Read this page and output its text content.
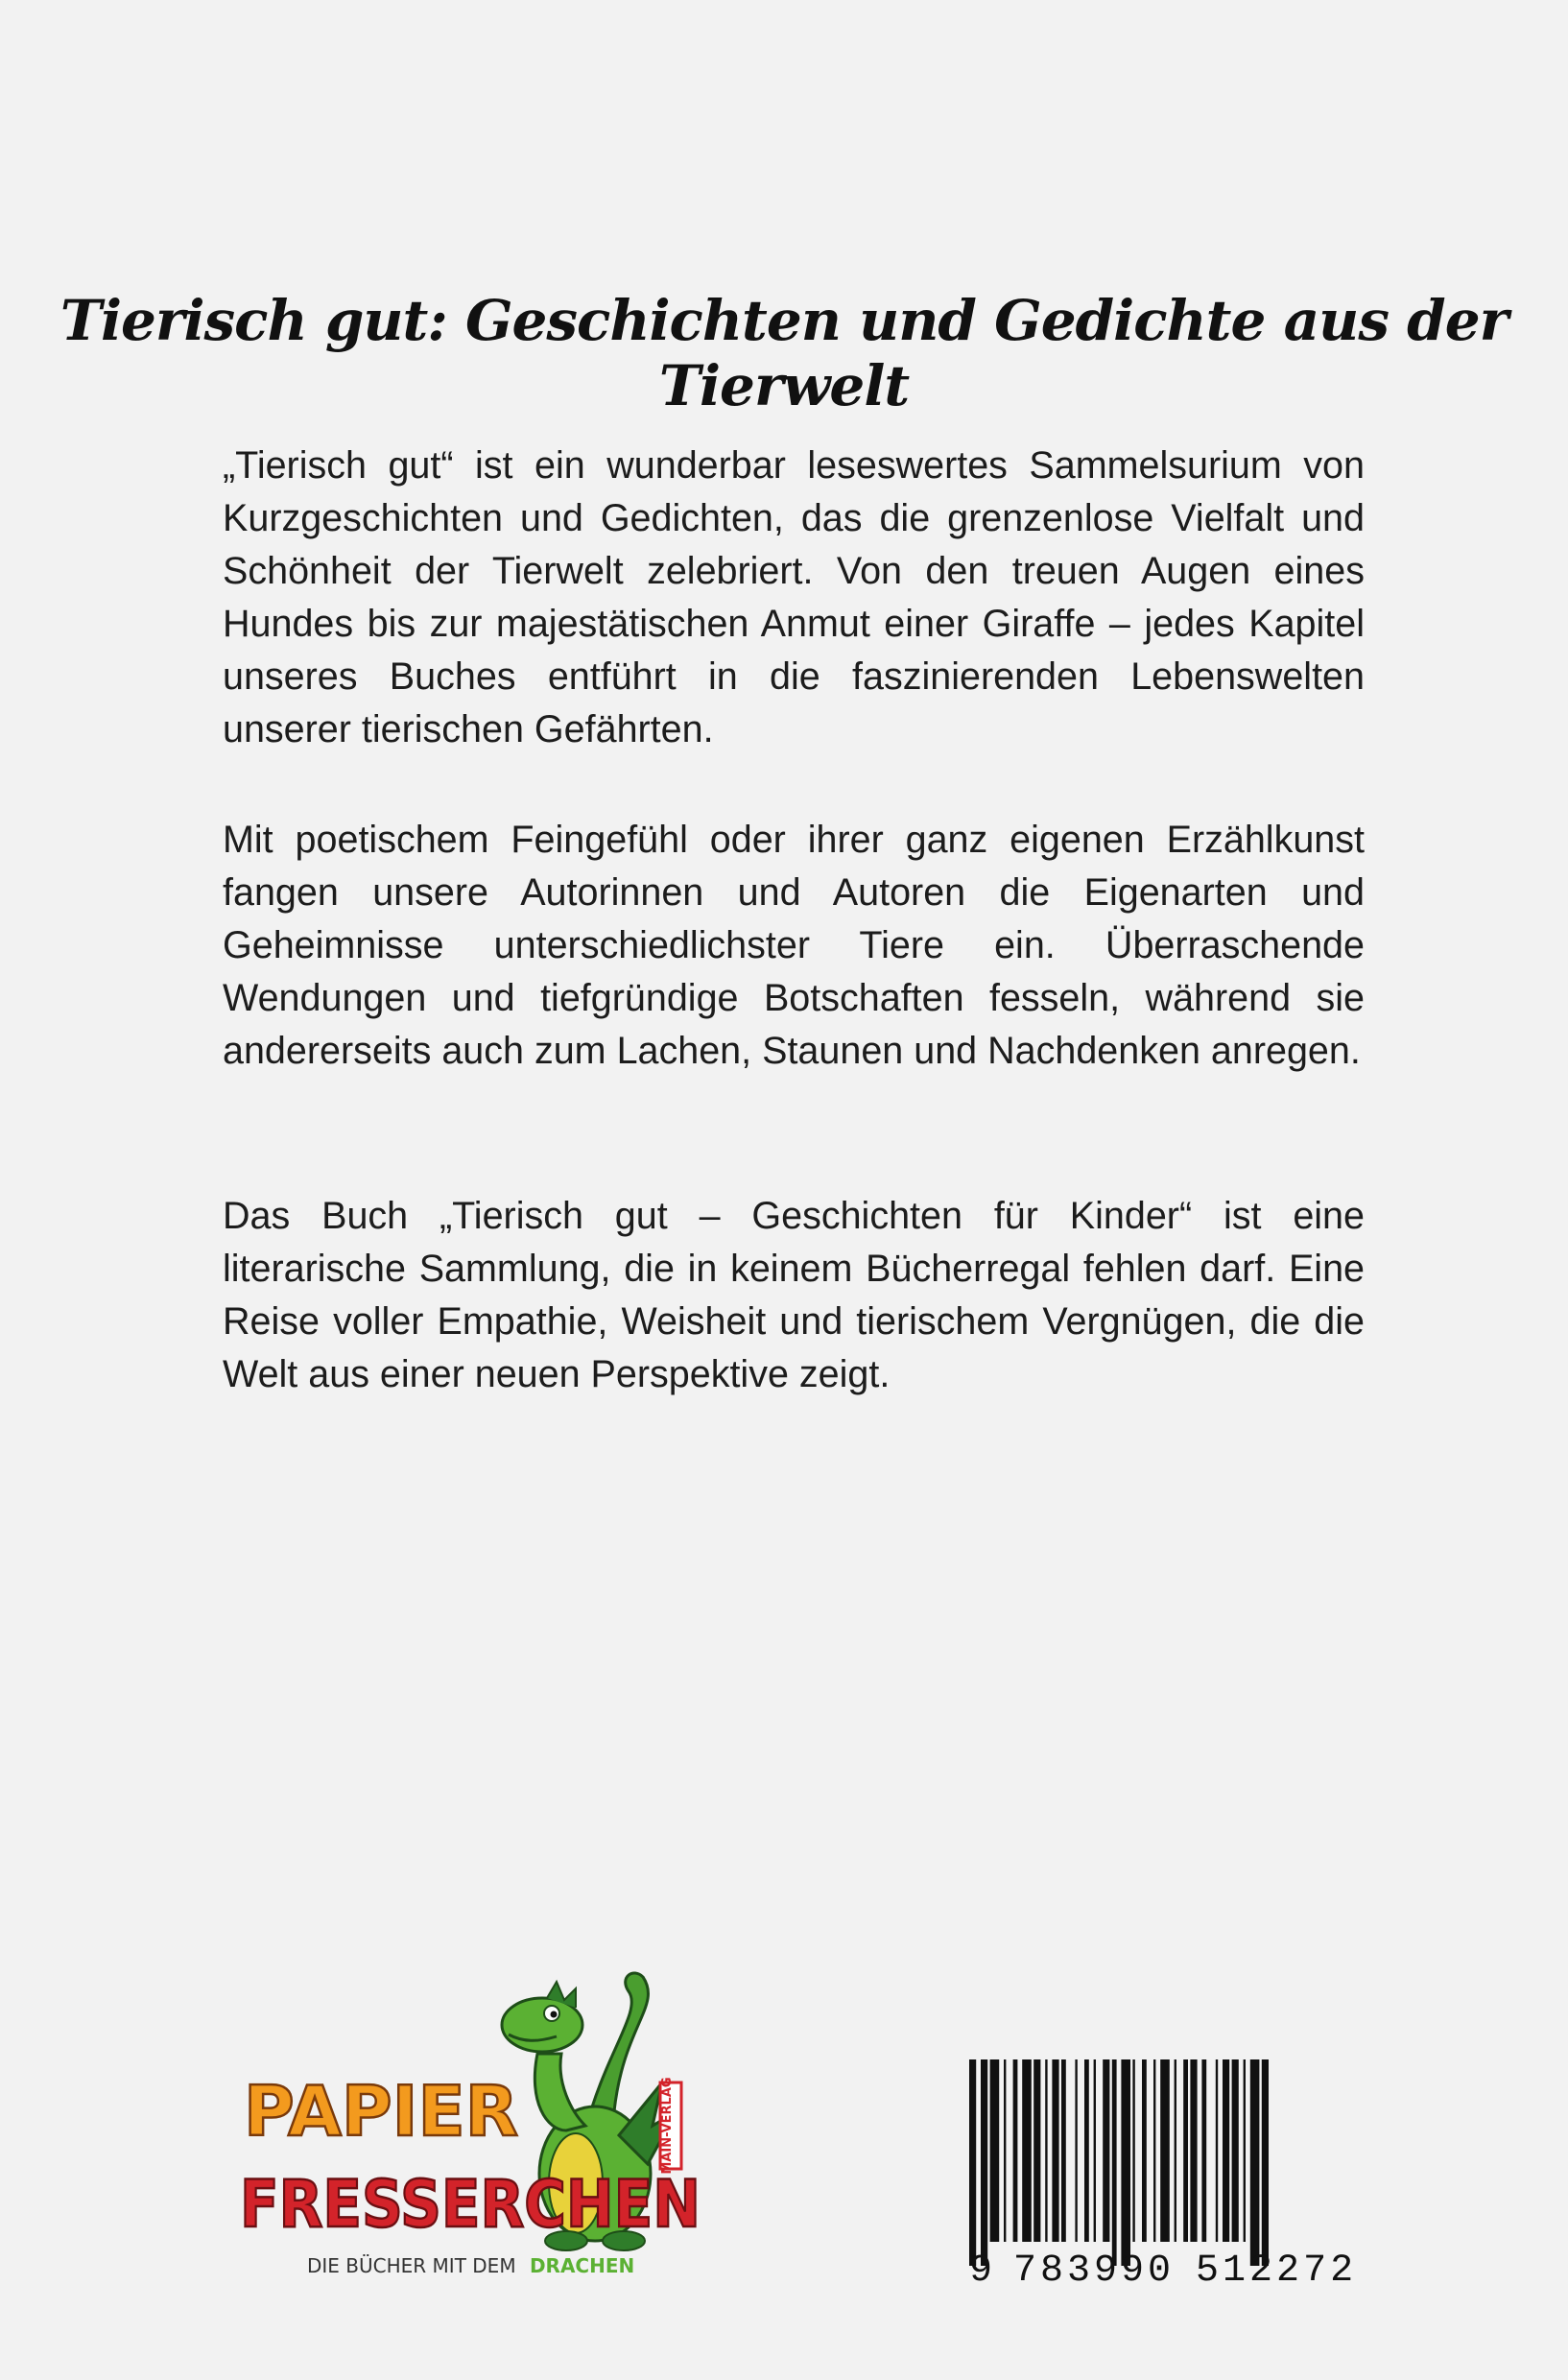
Tierisch gut: Geschichten und Gedichte aus der Tierwelt
„Tierisch gut“ ist ein wunderbar leseswertes Sammelsurium von Kurzgeschichten und Gedichten, das die grenzenlose Vielfalt und Schönheit der Tierwelt zelebriert. Von den treuen Augen eines Hundes bis zur majestätischen Anmut einer Giraffe – jedes Kapitel unseres Buches entführt in die faszinierenden Lebenswelten unserer tierischen Gefährten.
Mit poetischem Feingefühl oder ihrer ganz eigenen Erzählkunst fangen unsere Autorinnen und Autoren die Eigenarten und Geheimnisse unterschiedlichster Tiere ein. Überraschende Wendungen und tiefgründige Botschaften fesseln, während sie andererseits auch zum Lachen, Staunen und Nachdenken anregen.
Das Buch „Tierisch gut – Geschichten für Kinder“ ist eine literarische Sammlung, die in keinem Bücherregal fehlen darf. Eine Reise voller Empathie, Weisheit und tierischem Vergnügen, die die Welt aus einer neuen Perspektive zeigt.
MAIN-VERLAG
PAPIER
FRESSERCHEN
DIE BÜCHER MIT DEM DRACHEN	9 783990 512272
